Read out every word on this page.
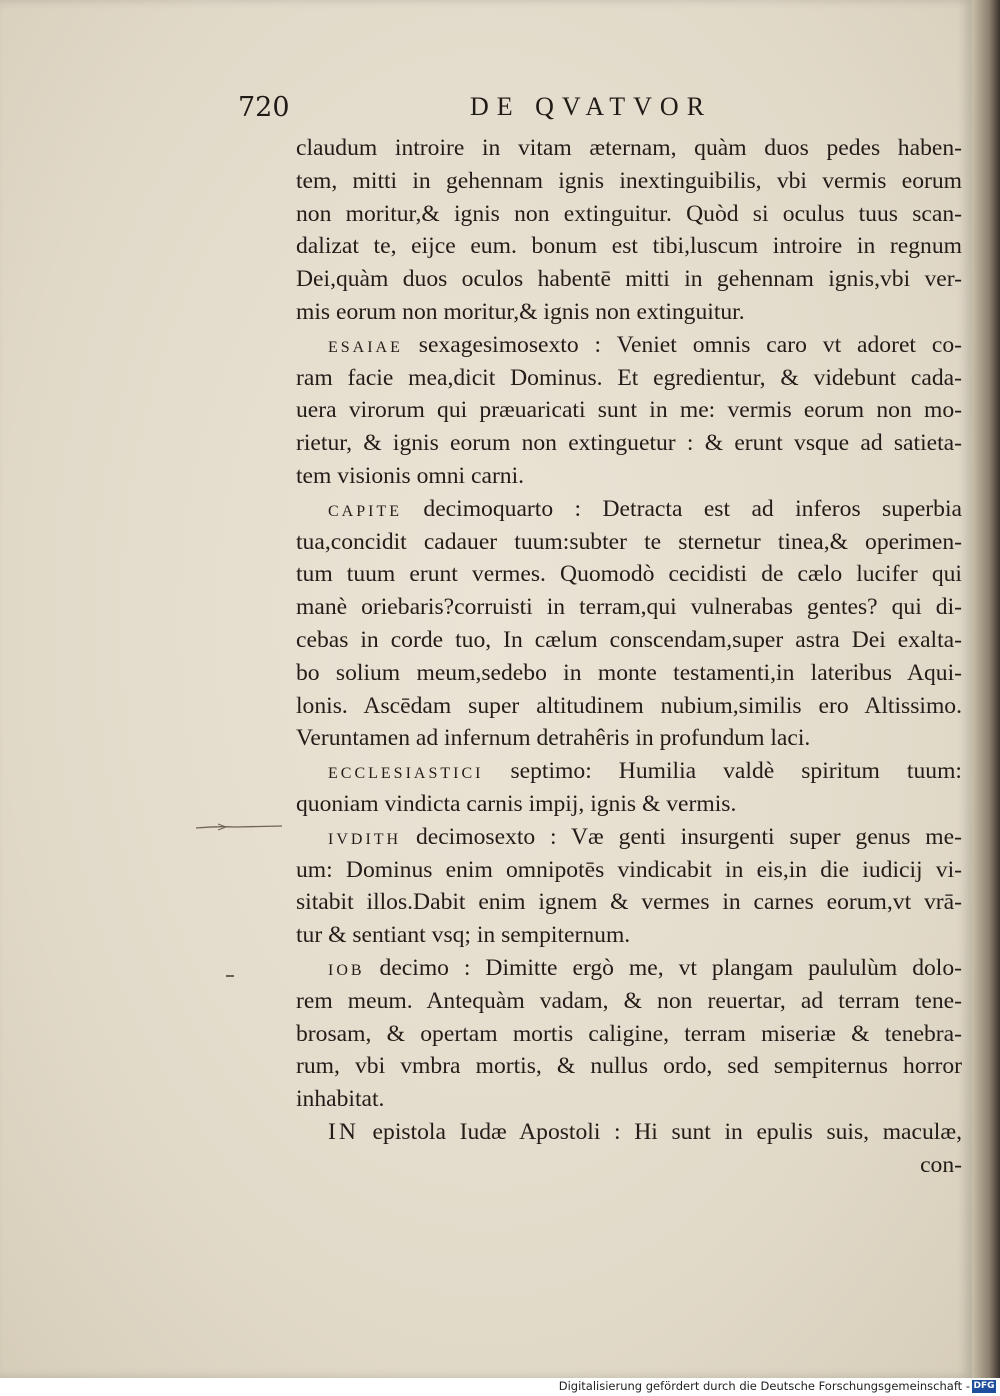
720	DE QVATVOR
claudum introire in vitam æternam, quàm duos pedes haben-
tem, mitti in gehennam ignis inextinguibilis, vbi vermis eorum
non moritur,& ignis non extinguitur. Quòd si oculus tuus scan-
dalizat te, eijce eum. bonum est tibi,luscum introire in regnum
Dei,quàm duos oculos habentē mitti in gehennam ignis,vbi ver-
mis eorum non moritur,& ignis non extinguitur.
ESAIAE sexagesimosexto : Veniet omnis caro vt adoret co-
ram facie mea,dicit Dominus. Et egredientur, & videbunt cada-
uera virorum qui præuaricati sunt in me: vermis eorum non mo-
rietur, & ignis eorum non extinguetur : & erunt vsque ad satieta-
tem visionis omni carni.
CAPITE decimoquarto : Detracta est ad inferos superbia
tua,concidit cadauer tuum:subter te sternetur tinea,& operimen-
tum tuum erunt vermes. Quomodò cecidisti de cælo lucifer qui
manè oriebaris?corruisti in terram,qui vulnerabas gentes? qui di-
cebas in corde tuo, In cælum conscendam,super astra Dei exalta-
bo solium meum,sedebo in monte testamenti,in lateribus Aqui-
lonis. Ascēdam super altitudinem nubium,similis ero Altissimo.
Veruntamen ad infernum detrahêris in profundum laci.
ECCLESIASTICI septimo: Humilia valdè spiritum tuum:
quoniam vindicta carnis impij, ignis & vermis.
IVDITH decimosexto : Væ genti insurgenti super genus me-
um: Dominus enim omnipotēs vindicabit in eis,in die iudicij vi-
sitabit illos.Dabit enim ignem & vermes in carnes eorum,vt vrā-
tur & sentiant vsq; in sempiternum.
IOB decimo : Dimitte ergò me, vt plangam paululùm dolo-
rem meum. Antequàm vadam, & non reuertar, ad terram tene-
brosam, & opertam mortis caligine, terram miseriæ & tenebra-
rum, vbi vmbra mortis, & nullus ordo, sed sempiternus horror
inhabitat.
IN epistola Iudæ Apostoli : Hi sunt in epulis suis, maculæ,
con-
Digitalisierung gefördert durch die Deutsche Forschungsgemeinschaft - DFG
